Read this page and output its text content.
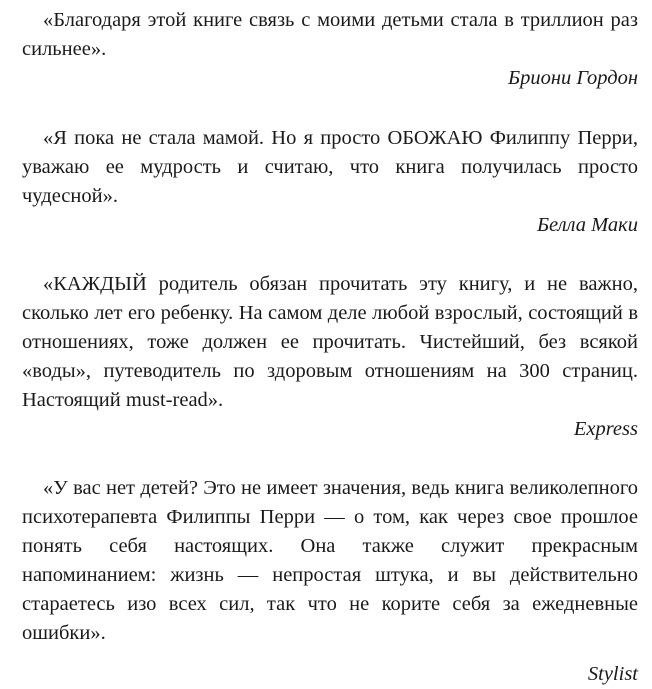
«Благодаря этой книге связь с моими детьми стала в триллион раз сильнее».

Бриони Гордон

«Я пока не стала мамой. Но я просто ОБОЖАЮ Филиппу Перри, уважаю ее мудрость и считаю, что книга получилась просто чудесной».

Белла Маки

«КАЖДЫЙ родитель обязан прочитать эту книгу, и не важно, сколько лет его ребенку. На самом деле любой взрослый, состоящий в отношениях, тоже должен ее прочитать. Чистейший, без всякой «воды», путеводитель по здоровым отношениям на 300 страниц. Настоящий must-read».

Express

«У вас нет детей? Это не имеет значения, ведь книга великолепного психотерапевта Филиппы Перри — о том, как через свое прошлое понять себя настоящих. Она также служит прекрасным напоминанием: жизнь — непростая штука, и вы действительно стараетесь изо всех сил, так что не корите себя за ежедневные ошибки».

Stylist
